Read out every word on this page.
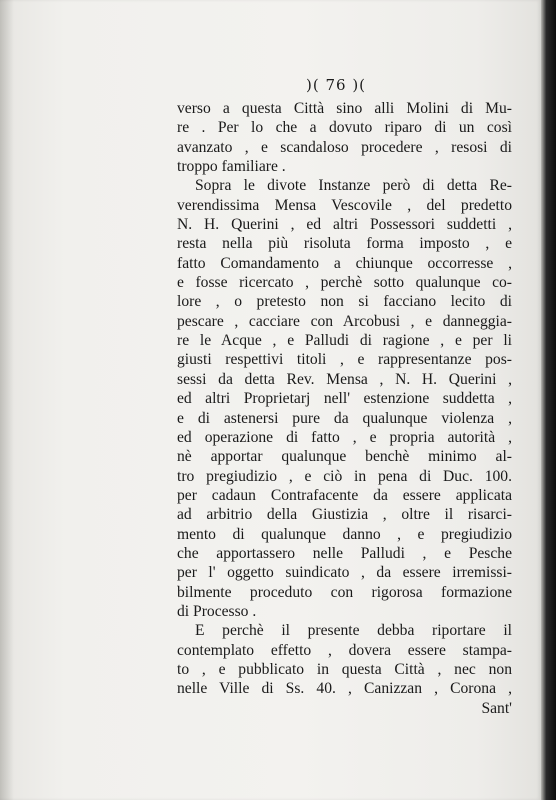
)( 76 )(
verso a questa Città sino alli Molini di Mu-
re . Per lo che a dovuto riparo di un così
avanzato , e scandaloso procedere , resosi di
troppo familiare .
Sopra le divote Instanze però di detta Re-
verendissima Mensa Vescovile , del predetto
N. H. Querini , ed altri Possessori suddetti ,
resta nella più risoluta forma imposto , e
fatto Comandamento a chiunque occorresse ,
e fosse ricercato , perchè sotto qualunque co-
lore , o pretesto non si facciano lecito di
pescare , cacciare con Arcobusi , e danneggia-
re le Acque , e Palludi di ragione , e per li
giusti respettivi titoli , e rappresentanze pos-
sessi da detta Rev. Mensa , N. H. Querini ,
ed altri Proprietarj nell' estenzione suddetta ,
e di astenersi pure da qualunque violenza ,
ed operazione di fatto , e propria autorità ,
nè apportar qualunque benchè minimo al-
tro pregiudizio , e ciò in pena di Duc. 100.
per cadaun Contrafacente da essere applicata
ad arbitrio della Giustizia , oltre il risarci-
mento di qualunque danno , e pregiudizio
che apportassero nelle Palludi , e Pesche
per l' oggetto suindicato , da essere irremissi-
bilmente proceduto con rigorosa formazione
di Processo .
E perchè il presente debba riportare il
contemplato effetto , dovera essere stampa-
to , e pubblicato in questa Città , nec non
nelle Ville di Ss. 40. , Canizzan , Corona ,
Sant'
